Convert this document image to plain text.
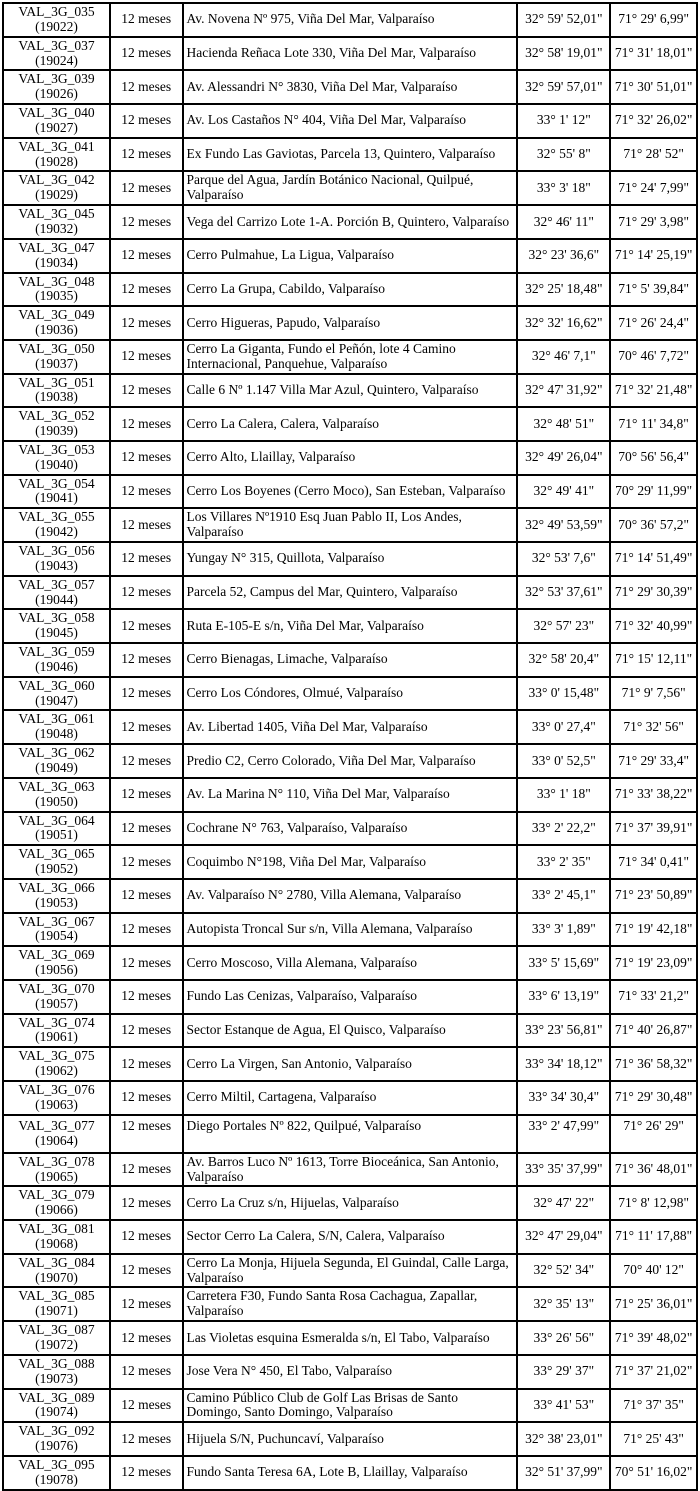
VAL_3G_035
(19022)	12 meses	Av. Novena Nº 975, Viña Del Mar, Valparaíso	32° 59' 52,01"	71° 29' 6,99"

VAL_3G_037
(19024)	12 meses	Hacienda Reñaca Lote 330, Viña Del Mar, Valparaíso	32° 58' 19,01"	71° 31' 18,01"

VAL_3G_039
(19026)	12 meses	Av. Alessandri N° 3830, Viña Del Mar, Valparaíso	32° 59' 57,01"	71° 30' 51,01"

VAL_3G_040
(19027)	12 meses	Av. Los Castaños N° 404, Viña Del Mar, Valparaíso	33° 1' 12"	71° 32' 26,02"

VAL_3G_041
(19028)	12 meses	Ex Fundo Las Gaviotas, Parcela 13, Quintero, Valparaíso	32° 55' 8"	71° 28' 52"

VAL_3G_042
(19029)	12 meses	Parque del Agua, Jardín Botánico Nacional, Quilpué, Valparaíso	33° 3' 18"	71° 24' 7,99"

VAL_3G_045
(19032)	12 meses	Vega del Carrizo Lote 1-A. Porción B, Quintero, Valparaíso	32° 46' 11"	71° 29' 3,98"

VAL_3G_047
(19034)	12 meses	Cerro Pulmahue, La Ligua, Valparaíso	32° 23' 36,6"	71° 14' 25,19"

VAL_3G_048
(19035)	12 meses	Cerro La Grupa, Cabildo, Valparaíso	32° 25' 18,48"	71° 5' 39,84"

VAL_3G_049
(19036)	12 meses	Cerro Higueras, Papudo, Valparaíso	32° 32' 16,62"	71° 26' 24,4"

VAL_3G_050
(19037)	12 meses	Cerro La Giganta, Fundo el Peñón, lote 4 Camino Internacional, Panquehue, Valparaíso	32° 46' 7,1"	70° 46' 7,72"

VAL_3G_051
(19038)	12 meses	Calle 6 Nº 1.147 Villa Mar Azul, Quintero, Valparaíso	32° 47' 31,92"	71° 32' 21,48"

VAL_3G_052
(19039)	12 meses	Cerro La Calera, Calera, Valparaíso	32° 48' 51"	71° 11' 34,8"

VAL_3G_053
(19040)	12 meses	Cerro Alto, Llaillay, Valparaíso	32° 49' 26,04"	70° 56' 56,4"

VAL_3G_054
(19041)	12 meses	Cerro Los Boyenes (Cerro Moco), San Esteban, Valparaíso	32° 49' 41"	70° 29' 11,99"

VAL_3G_055
(19042)	12 meses	Los Villares Nº1910 Esq Juan Pablo II, Los Andes, Valparaíso	32° 49' 53,59"	70° 36' 57,2"

VAL_3G_056
(19043)	12 meses	Yungay N° 315, Quillota, Valparaíso	32° 53' 7,6"	71° 14' 51,49"

VAL_3G_057
(19044)	12 meses	Parcela 52, Campus del Mar, Quintero, Valparaíso	32° 53' 37,61"	71° 29' 30,39"

VAL_3G_058
(19045)	12 meses	Ruta E-105-E s/n, Viña Del Mar, Valparaíso	32° 57' 23"	71° 32' 40,99"

VAL_3G_059
(19046)	12 meses	Cerro Bienagas, Limache, Valparaíso	32° 58' 20,4"	71° 15' 12,11"

VAL_3G_060
(19047)	12 meses	Cerro Los Cóndores, Olmué, Valparaíso	33° 0' 15,48"	71° 9' 7,56"

VAL_3G_061
(19048)	12 meses	Av. Libertad 1405, Viña Del Mar, Valparaíso	33° 0' 27,4"	71° 32' 56"

VAL_3G_062
(19049)	12 meses	Predio C2, Cerro Colorado, Viña Del Mar, Valparaíso	33° 0' 52,5"	71° 29' 33,4"

VAL_3G_063
(19050)	12 meses	Av. La Marina N° 110, Viña Del Mar, Valparaíso	33° 1' 18"	71° 33' 38,22"

VAL_3G_064
(19051)	12 meses	Cochrane N° 763, Valparaíso, Valparaíso	33° 2' 22,2"	71° 37' 39,91"

VAL_3G_065
(19052)	12 meses	Coquimbo N°198, Viña Del Mar, Valparaíso	33° 2' 35"	71° 34' 0,41"

VAL_3G_066
(19053)	12 meses	Av. Valparaíso N° 2780, Villa Alemana, Valparaíso	33° 2' 45,1"	71° 23' 50,89"

VAL_3G_067
(19054)	12 meses	Autopista Troncal Sur s/n, Villa Alemana, Valparaíso	33° 3' 1,89"	71° 19' 42,18"

VAL_3G_069
(19056)	12 meses	Cerro Moscoso, Villa Alemana, Valparaíso	33° 5' 15,69"	71° 19' 23,09"

VAL_3G_070
(19057)	12 meses	Fundo Las Cenizas, Valparaíso, Valparaíso	33° 6' 13,19"	71° 33' 21,2"

VAL_3G_074
(19061)	12 meses	Sector Estanque de Agua, El Quisco, Valparaíso	33° 23' 56,81"	71° 40' 26,87"

VAL_3G_075
(19062)	12 meses	Cerro La Virgen, San Antonio, Valparaíso	33° 34' 18,12"	71° 36' 58,32"

VAL_3G_076
(19063)	12 meses	Cerro Miltil, Cartagena, Valparaíso	33° 34' 30,4"	71° 29' 30,48"

VAL_3G_077
(19064)	12 meses	Diego Portales Nº 822, Quilpué, Valparaíso	33° 2' 47,99"	71° 26' 29"

VAL_3G_078
(19065)	12 meses	Av. Barros Luco Nº 1613, Torre Bioceánica, San Antonio, Valparaíso	33° 35' 37,99"	71° 36' 48,01"

VAL_3G_079
(19066)	12 meses	Cerro La Cruz s/n, Hijuelas, Valparaíso	32° 47' 22"	71° 8' 12,98"

VAL_3G_081
(19068)	12 meses	Sector Cerro La Calera, S/N, Calera, Valparaíso	32° 47' 29,04"	71° 11' 17,88"

VAL_3G_084
(19070)	12 meses	Cerro La Monja, Hijuela Segunda, El Guindal, Calle Larga, Valparaíso	32° 52' 34"	70° 40' 12"

VAL_3G_085
(19071)	12 meses	Carretera F30, Fundo Santa Rosa Cachagua, Zapallar, Valparaíso	32° 35' 13"	71° 25' 36,01"

VAL_3G_087
(19072)	12 meses	Las Violetas esquina Esmeralda s/n, El Tabo, Valparaíso	33° 26' 56"	71° 39' 48,02"

VAL_3G_088
(19073)	12 meses	Jose Vera N° 450, El Tabo, Valparaíso	33° 29' 37"	71° 37' 21,02"

VAL_3G_089
(19074)	12 meses	Camino Público Club de Golf Las Brisas de Santo Domingo, Santo Domingo, Valparaíso	33° 41' 53"	71° 37' 35"

VAL_3G_092
(19076)	12 meses	Hijuela S/N, Puchuncaví, Valparaíso	32° 38' 23,01"	71° 25' 43"

VAL_3G_095
(19078)	12 meses	Fundo Santa Teresa 6A, Lote B, Llaillay, Valparaíso	32° 51' 37,99"	70° 51' 16,02"
